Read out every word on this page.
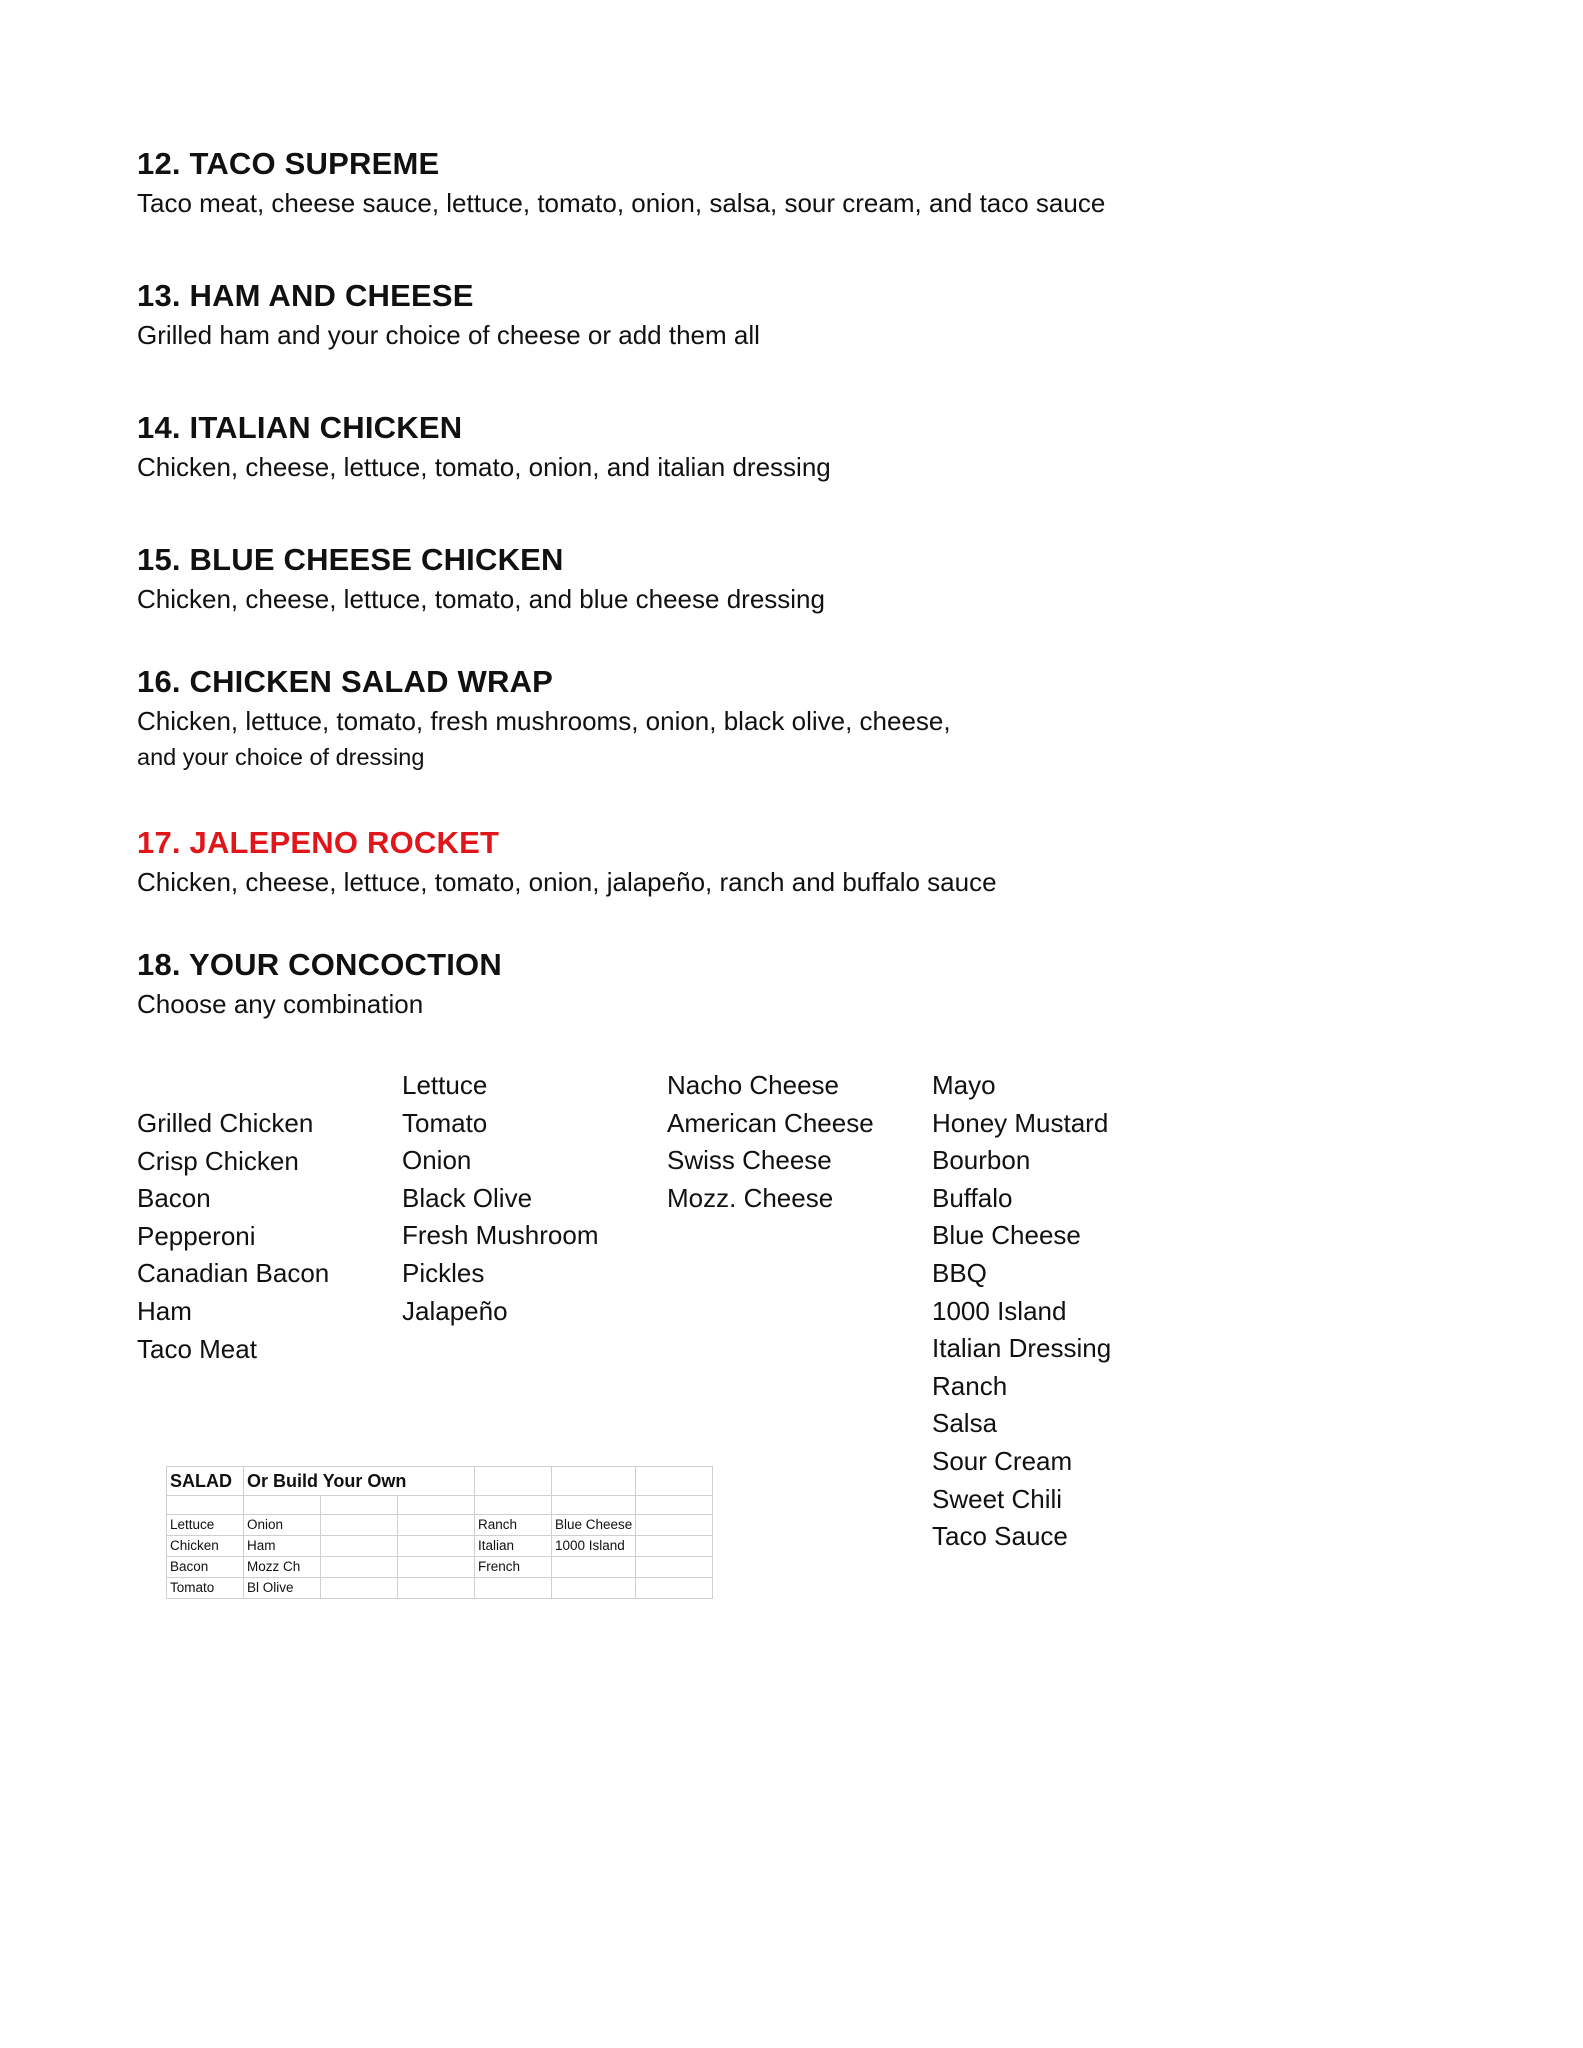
12. TACO SUPREME

Taco meat, cheese sauce, lettuce, tomato, onion, salsa, sour cream, and taco sauce

13. HAM AND CHEESE

Grilled ham and your choice of cheese or add them all

14. ITALIAN CHICKEN

Chicken, cheese, lettuce, tomato, onion, and italian dressing

15. BLUE CHEESE CHICKEN

Chicken, cheese, lettuce, tomato, and blue cheese dressing

16. CHICKEN SALAD WRAP

Chicken, lettuce, tomato, fresh mushrooms, onion, black olive, cheese,

and your choice of dressing

17. JALEPENO ROCKET

Chicken, cheese, lettuce, tomato, onion, jalapeño, ranch and buffalo sauce

18. YOUR CONCOCTION

Choose any combination

Grilled Chicken
Crisp Chicken
Bacon
Pepperoni
Canadian Bacon
Ham
Taco Meat
Lettuce
Tomato
Onion
Black Olive
Fresh Mushroom
Pickles
Jalapeño
Nacho Cheese
American Cheese
Swiss Cheese
Mozz. Cheese
Mayo
Honey Mustard
Bourbon
Buffalo
Blue Cheese
BBQ
1000 Island
Italian Dressing
Ranch
Salsa
Sour Cream
Sweet Chili
Taco Sauce
SALAD	Or Build Your Own					

Lettuce	Onion			Ranch	Blue Cheese	
Chicken	Ham			Italian	1000 Island	
Bacon	Mozz Ch			French		
Tomato	Bl Olive					
